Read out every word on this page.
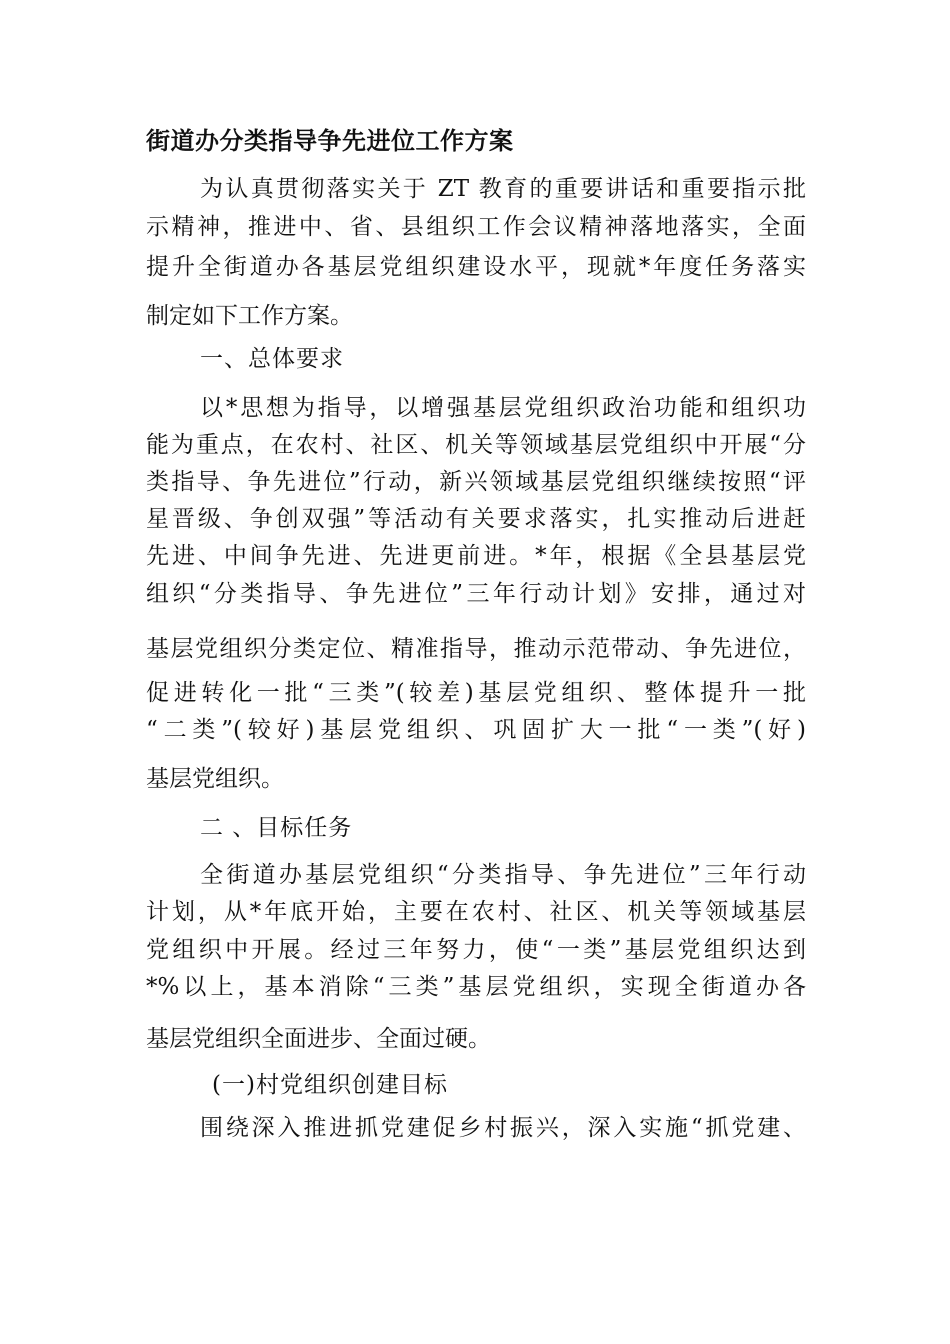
街道办分类指导争先进位工作方案
为认真贯彻落实关于 ZT 教育的重要讲话和重要指示批
示精神，推进中、省、县组织工作会议精神落地落实，全面
提升全街道办各基层党组织建设水平，现就*年度任务落实
制定如下工作方案。
一、总体要求
以*思想为指导，以增强基层党组织政治功能和组织功
能为重点，在农村、社区、机关等领域基层党组织中开展“分
类指导、争先进位”行动，新兴领域基层党组织继续按照“评
星晋级、争创双强”等活动有关要求落实，扎实推动后进赶
先进、中间争先进、先进更前进。*年，根据《全县基层党
组织“分类指导、争先进位”三年行动计划》安排，通过对
基层党组织分类定位、精准指导，推动示范带动、争先进位，
促进转化一批“三类”(较差)基层党组织、整体提升一批
“二类”(较好)基层党组织、巩固扩大一批“一类”(好)
基层党组织。
二 、目标任务
全街道办基层党组织“分类指导、争先进位”三年行动
计划，从*年底开始，主要在农村、社区、机关等领域基层
党组织中开展。经过三年努力，使“一类”基层党组织达到
*%以上，基本消除“三类”基层党组织，实现全街道办各
基层党组织全面进步、全面过硬。
(一)村党组织创建目标
围绕深入推进抓党建促乡村振兴，深入实施“抓党建、
